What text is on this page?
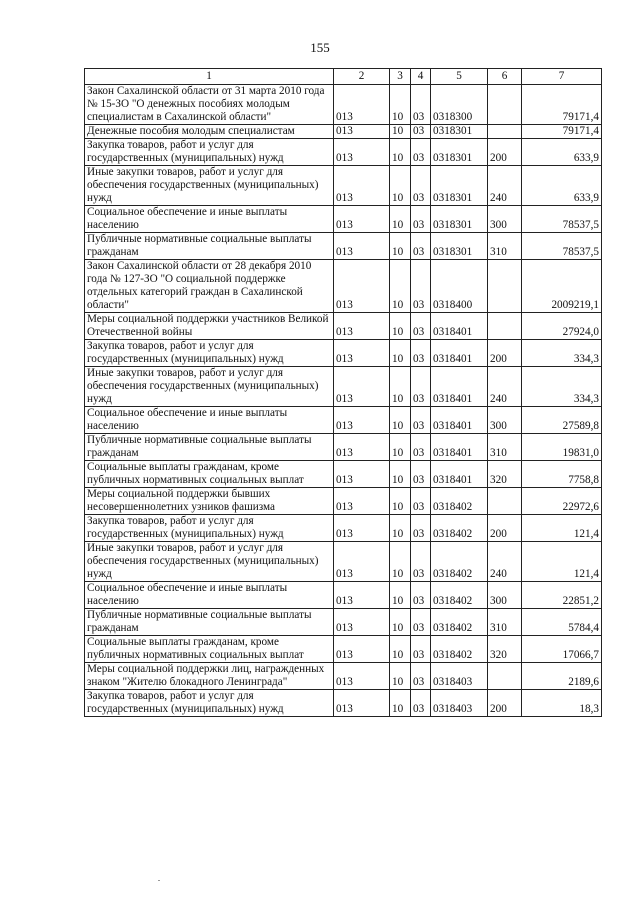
155
1	2	3	4	5	6	7
Закон Сахалинской области от 31 марта 2010 года № 15-ЗО "О денежных пособиях молодым специалистам в Сахалинской области"	013	10	03	0318300		79171,4
Денежные пособия молодым специалистам	013	10	03	0318301		79171,4
Закупка товаров, работ и услуг для государственных (муниципальных) нужд	013	10	03	0318301	200	633,9
Иные закупки товаров, работ и услуг для обеспечения государственных (муниципальных) нужд	013	10	03	0318301	240	633,9
Социальное обеспечение и иные выплаты населению	013	10	03	0318301	300	78537,5
Публичные нормативные социальные выплаты гражданам	013	10	03	0318301	310	78537,5
Закон Сахалинской области от 28 декабря 2010 года № 127-ЗО "О социальной поддержке отдельных категорий граждан в Сахалинской области"	013	10	03	0318400		2009219,1
Меры социальной поддержки участников Великой Отечественной войны	013	10	03	0318401		27924,0
Закупка товаров, работ и услуг для государственных (муниципальных) нужд	013	10	03	0318401	200	334,3
Иные закупки товаров, работ и услуг для обеспечения государственных (муниципальных) нужд	013	10	03	0318401	240	334,3
Социальное обеспечение и иные выплаты населению	013	10	03	0318401	300	27589,8
Публичные нормативные социальные выплаты гражданам	013	10	03	0318401	310	19831,0
Социальные выплаты гражданам, кроме публичных нормативных социальных выплат	013	10	03	0318401	320	7758,8
Меры социальной поддержки бывших несовершеннолетних узников фашизма	013	10	03	0318402		22972,6
Закупка товаров, работ и услуг для государственных (муниципальных) нужд	013	10	03	0318402	200	121,4
Иные закупки товаров, работ и услуг для обеспечения государственных (муниципальных) нужд	013	10	03	0318402	240	121,4
Социальное обеспечение и иные выплаты населению	013	10	03	0318402	300	22851,2
Публичные нормативные социальные выплаты гражданам	013	10	03	0318402	310	5784,4
Социальные выплаты гражданам, кроме публичных нормативных социальных выплат	013	10	03	0318402	320	17066,7
Меры социальной поддержки лиц, награжденных знаком "Жителю блокадного Ленинграда"	013	10	03	0318403		2189,6
Закупка товаров, работ и услуг для государственных (муниципальных) нужд	013	10	03	0318403	200	18,3
